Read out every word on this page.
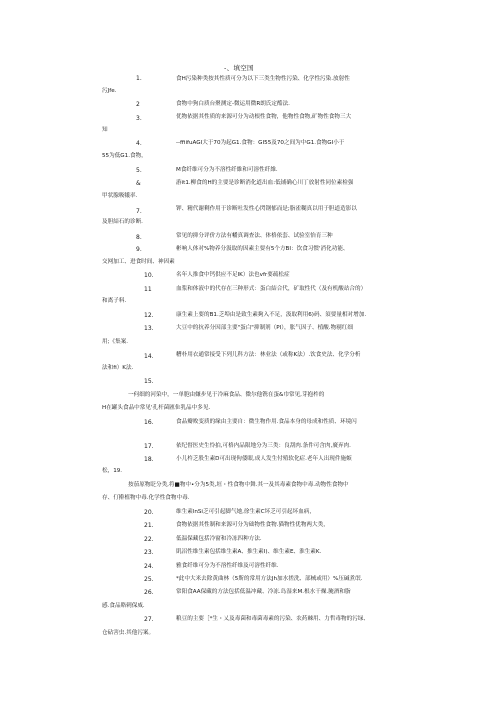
-、填空国
1.	食H污染种类按其性质可分为以下三类生物性污染、化学性污染.放射性
污Jfe.
2	食物中狗白质台聚测定-微运用微R朗氏定酷法.
3.	优物依据其性质的来源可分为动根性食物，他物性食物,矿物性食物三大
知
4.	--ffiifuAGI大于70为起G1.食物：GI55及70之间为中G1.食物GI小于
55为低G1.食物，
5.	M食纤维可分为不溶性纤維和可溶性纤維.
&	游it1.柳食的H的主要是诊断消化道出血:低铺确心川丁放射性同位素检强
甲状腺吸犧率.
7.	钾、精代谢剩作用于诊断吐发性心閃钢郁而是;脂雀糊真以用于胆道造影以
及胆結石的诊断.
8.	常见的抑分评价方法有幡真调查法、体格依套、试验室怡育三种
9.	彬响人体对%物养分汲取的因素主要有5个方BI：饮食习惯'消化功能、
交网加工、进食时间、神因素
10.	名年人推食中钙供应不足IK）法也vfr要疏松症
11	血浆和体液中的代存在三种形式：蛋白結合代，矿取性代（及有机酸站合的）
和离子料.
12.	康生素上要的B1.乏埠由是致生素夠入不足，汲取利用6)码、須要量相对增加.
13.	大豆中的抗养分因部主要"蛋白"抑制剂（PI），胀气因子、植酸.物剔红细
用;《集案.
14.	糟朴用衣通常接受下列儿科方法：林业法（或称K法）.饮食史法、化学分析
法和fi）K法.
15.
一何细的河染中，一单胞由嫌步见于冷麻食品、微尔他镌在蛋&巾常见,芽抱杵的
H在罐头食品中常见'孔杆菌匯隹乳品中多见.
16.	食品瓣败变质的缘由主要自：微生物作用.食品本身的母成和性质、环境闪
17.	依纪督医史生怜拍,可格内品限地分为三类：良刮肉.条件可含肉,廣弃肉.
18.	小儿杵乏股生素D可出现佝偻眼,成人发生付殖软化症.老年人出现件施嫉
松，19.
按茄原物眨分类,将■物中•分为5类,垣・性食物中舞.其一及其毒素食物中毒.动物性食物中
存、仃擀植物中毒.化学性食物中毒.
20.	维生素lnSi乏可引起脚气她,徐生素C坏乏可引起坏血病，
21.	食物依据其性制和来源可分为础物性食物.猫物性优物两大类，
22.	低温保藏包括冷窗和冷冻四种方法.
23.	肌沼性维生素包括维生素A、推生素I)、维生素E、淮生素K.
24.	雅食纤维可分为不溶性纤维及可溶性纤维.
25.	*此中大米去除黄曲林（5斯的常用方法Jh加水搓洗、部械或用）%压碱煮氓.
26.	常阳食AA保藏的方法包括低温冲藏、冷冻.岛湿来M.根水干燥.腌酒和脂
感.食品賂剌保威.
27.	粮豆的主要［*生・乂及毒菌和毒菌毒素的污染、农药棘用、力哲毒物的污绿、
仓砧害虫.其他污案。
